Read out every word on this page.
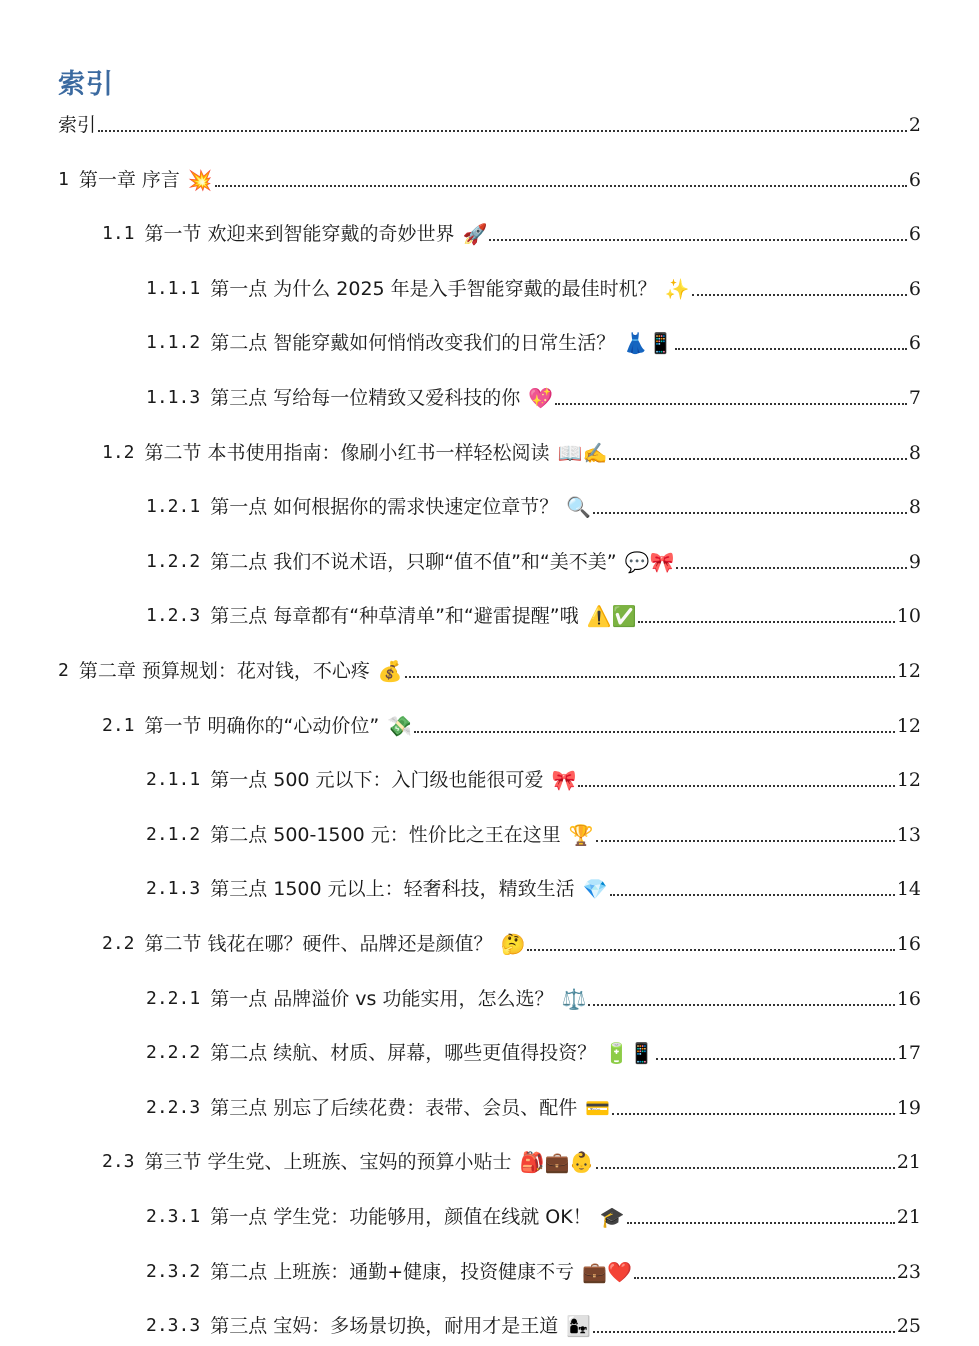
索引
索引	2
1 第一章 序言 💥	6
1.1 第一节 欢迎来到智能穿戴的奇妙世界 🚀	6
1.1.1 第一点 为什么 2025 年是入手智能穿戴的最佳时机？ ✨	6
1.1.2 第二点 智能穿戴如何悄悄改变我们的日常生活？ 👗📱	6
1.1.3 第三点 写给每一位精致又爱科技的你 💖	7
1.2 第二节 本书使用指南：像刷小红书一样轻松阅读 📖✍️	8
1.2.1 第一点 如何根据你的需求快速定位章节？ 🔍	8
1.2.2 第二点 我们不说术语，只聊“值不值”和“美不美” 💬🎀	9
1.2.3 第三点 每章都有“种草清单”和“避雷提醒”哦 ⚠️✅	10
2 第二章 预算规划：花对钱，不心疼 💰	12
2.1 第一节 明确你的“心动价位” 💸	12
2.1.1 第一点 500 元以下：入门级也能很可爱 🎀	12
2.1.2 第二点 500-1500 元：性价比之王在这里 🏆	13
2.1.3 第三点 1500 元以上：轻奢科技，精致生活 💎	14
2.2 第二节 钱花在哪？硬件、品牌还是颜值？ 🤔	16
2.2.1 第一点 品牌溢价 vs 功能实用，怎么选？ ⚖️	16
2.2.2 第二点 续航、材质、屏幕，哪些更值得投资？ 🔋📱	17
2.2.3 第三点 别忘了后续花费：表带、会员、配件 💳	19
2.3 第三节 学生党、上班族、宝妈的预算小贴士 🎒💼👶	21
2.3.1 第一点 学生党：功能够用，颜值在线就 OK！ 🎓	21
2.3.2 第二点 上班族：通勤+健康，投资健康不亏 💼❤️	23
2.3.3 第三点 宝妈：多场景切换，耐用才是王道 👩‍👧	25
